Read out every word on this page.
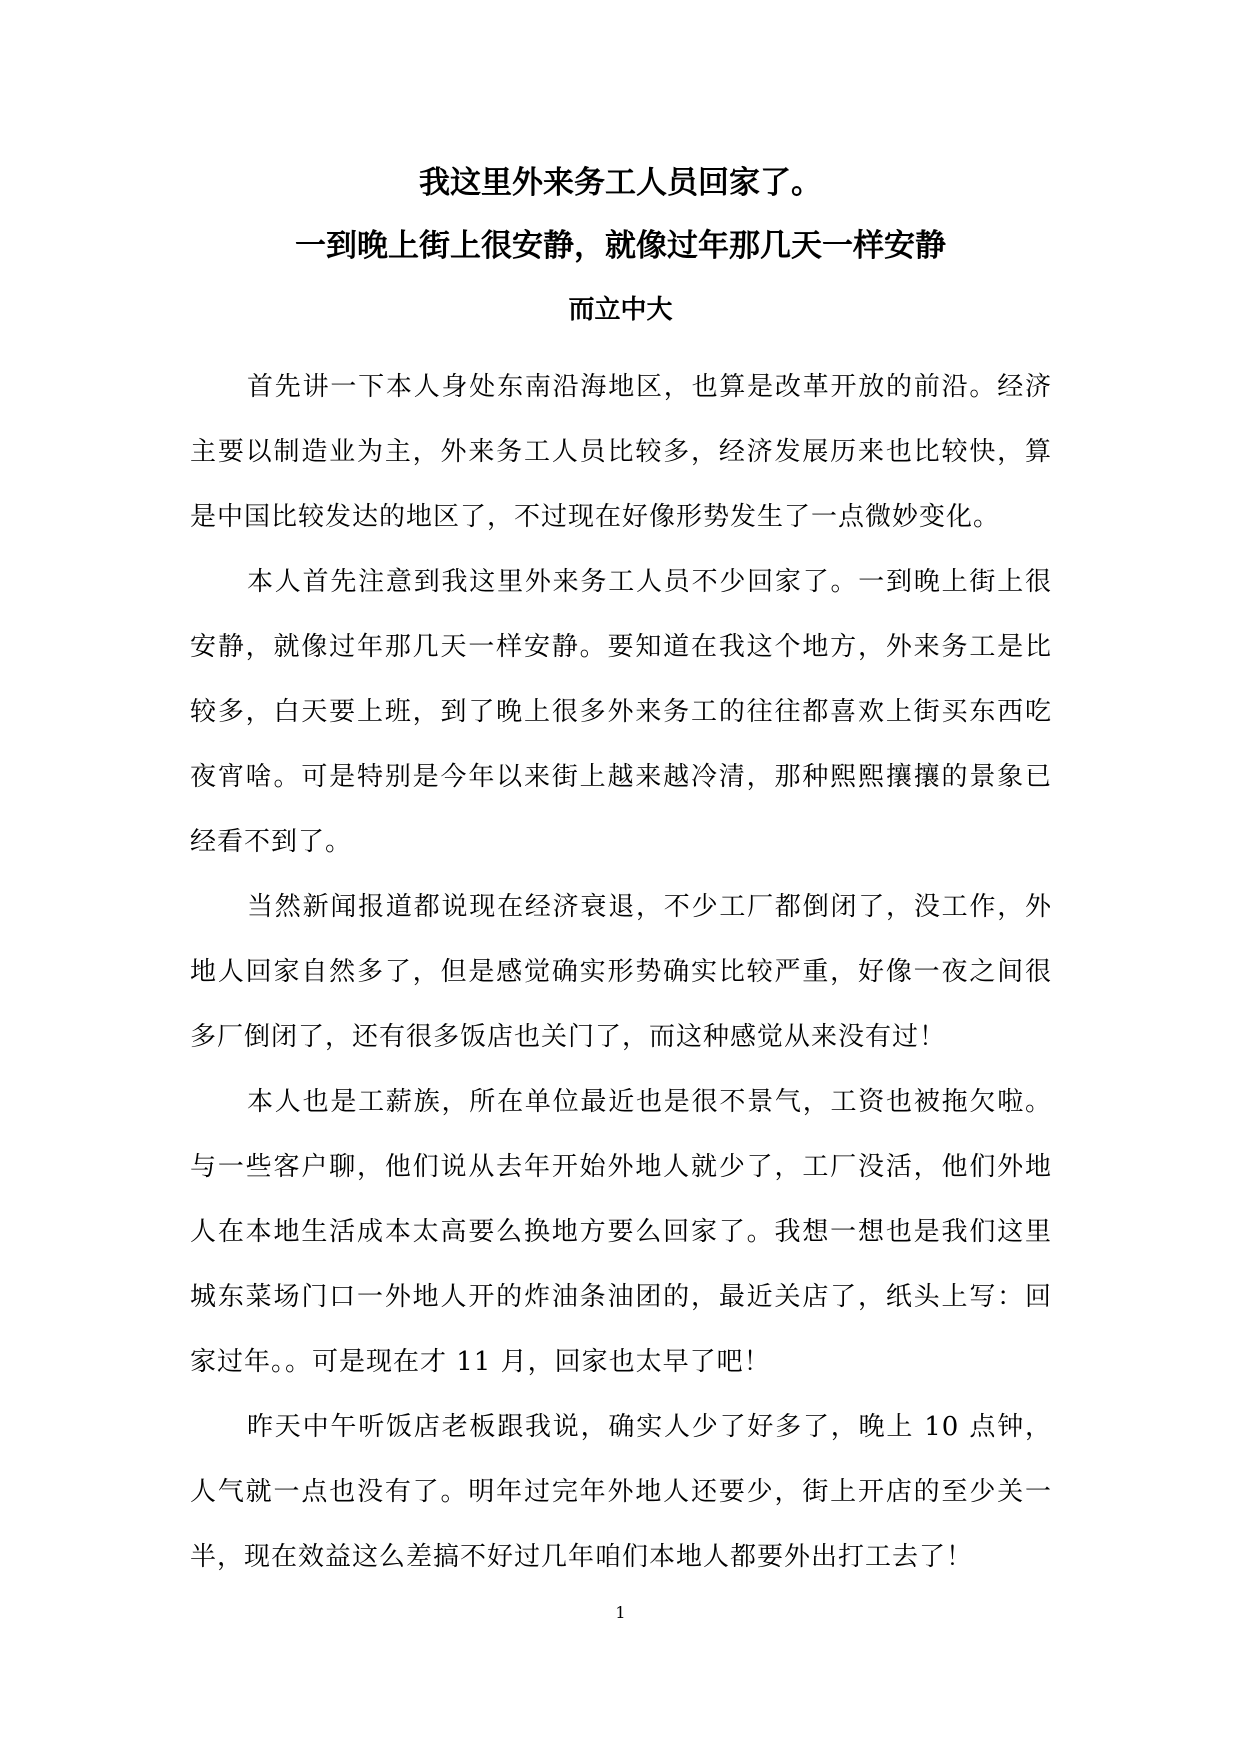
我这里外来务工人员回家了。
一到晚上街上很安静，就像过年那几天一样安静
而立中大

首先讲一下本人身处东南沿海地区，也算是改革开放的前沿。经济主要以制造业为主，外来务工人员比较多，经济发展历来也比较快，算是中国比较发达的地区了，不过现在好像形势发生了一点微妙变化。

本人首先注意到我这里外来务工人员不少回家了。一到晚上街上很安静，就像过年那几天一样安静。要知道在我这个地方，外来务工是比较多，白天要上班，到了晚上很多外来务工的往往都喜欢上街买东西吃夜宵啥。可是特别是今年以来街上越来越冷清，那种熙熙攘攘的景象已经看不到了。

当然新闻报道都说现在经济衰退，不少工厂都倒闭了，没工作，外地人回家自然多了，但是感觉确实形势确实比较严重，好像一夜之间很多厂倒闭了，还有很多饭店也关门了，而这种感觉从来没有过！

本人也是工薪族，所在单位最近也是很不景气，工资也被拖欠啦。与一些客户聊，他们说从去年开始外地人就少了，工厂没活，他们外地人在本地生活成本太高要么换地方要么回家了。我想一想也是我们这里城东菜场门口一外地人开的炸油条油团的，最近关店了，纸头上写：回家过年。。可是现在才 11 月，回家也太早了吧！

昨天中午听饭店老板跟我说，确实人少了好多了，晚上 10 点钟，人气就一点也没有了。明年过完年外地人还要少，街上开店的至少关一半，现在效益这么差搞不好过几年咱们本地人都要外出打工去了！

1
